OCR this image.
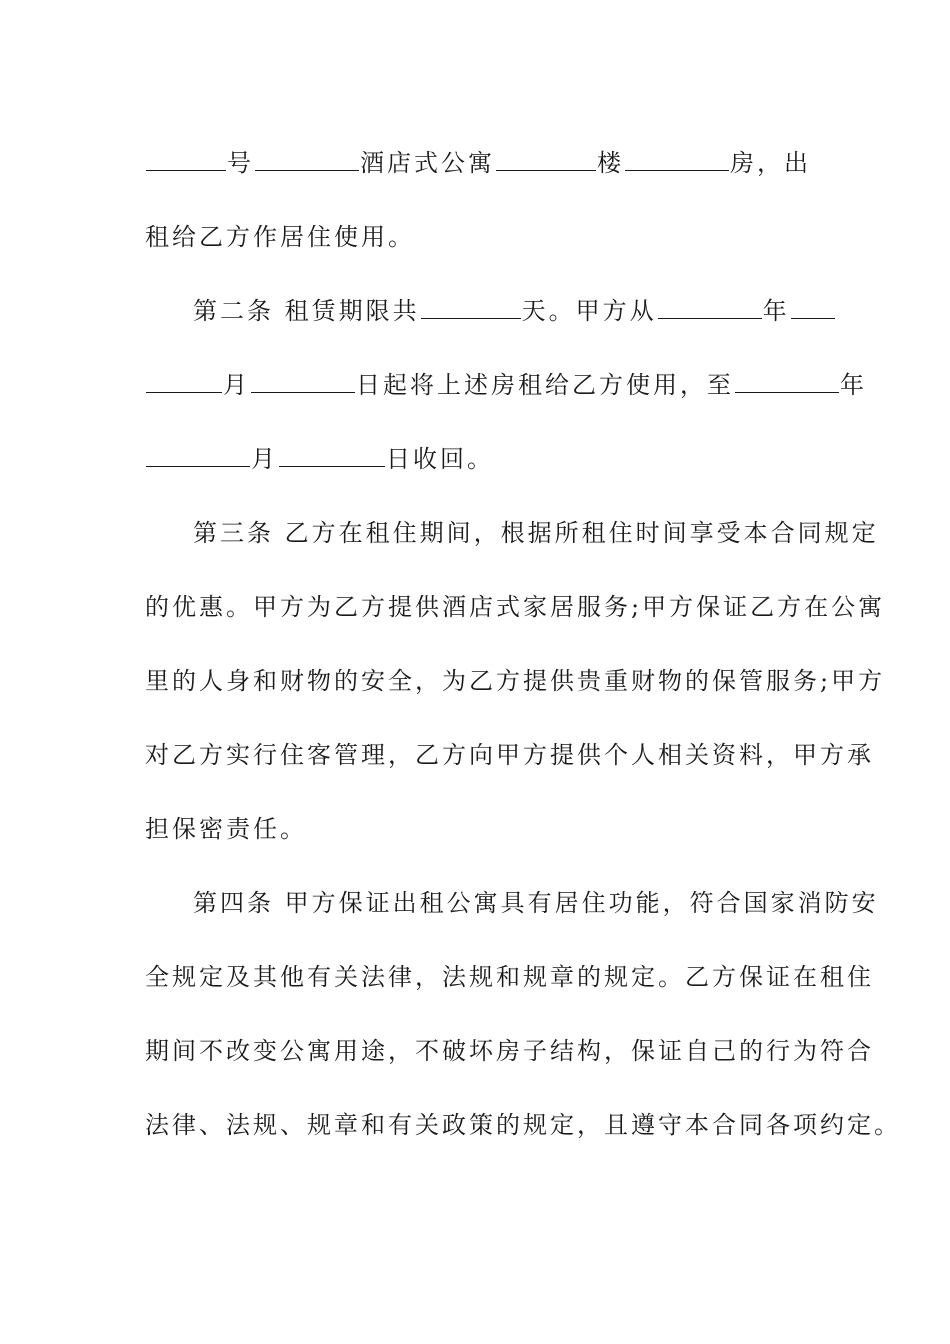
号	酒店式公寓	楼	房，出
租给乙方作居住使用。
第二条 租赁期限共	天。甲方从	年
月	日起将上述房租给乙方使用，至	年
月	日收回。
第三条 乙方在租住期间，根据所租住时间享受本合同规定
的优惠。甲方为乙方提供酒店式家居服务;甲方保证乙方在公寓
里的人身和财物的安全，为乙方提供贵重财物的保管服务;甲方
对乙方实行住客管理，乙方向甲方提供个人相关资料，甲方承
担保密责任。
第四条 甲方保证出租公寓具有居住功能，符合国家消防安
全规定及其他有关法律，法规和规章的规定。乙方保证在租住
期间不改变公寓用途，不破坏房子结构，保证自己的行为符合
法律、法规、规章和有关政策的规定，且遵守本合同各项约定。
